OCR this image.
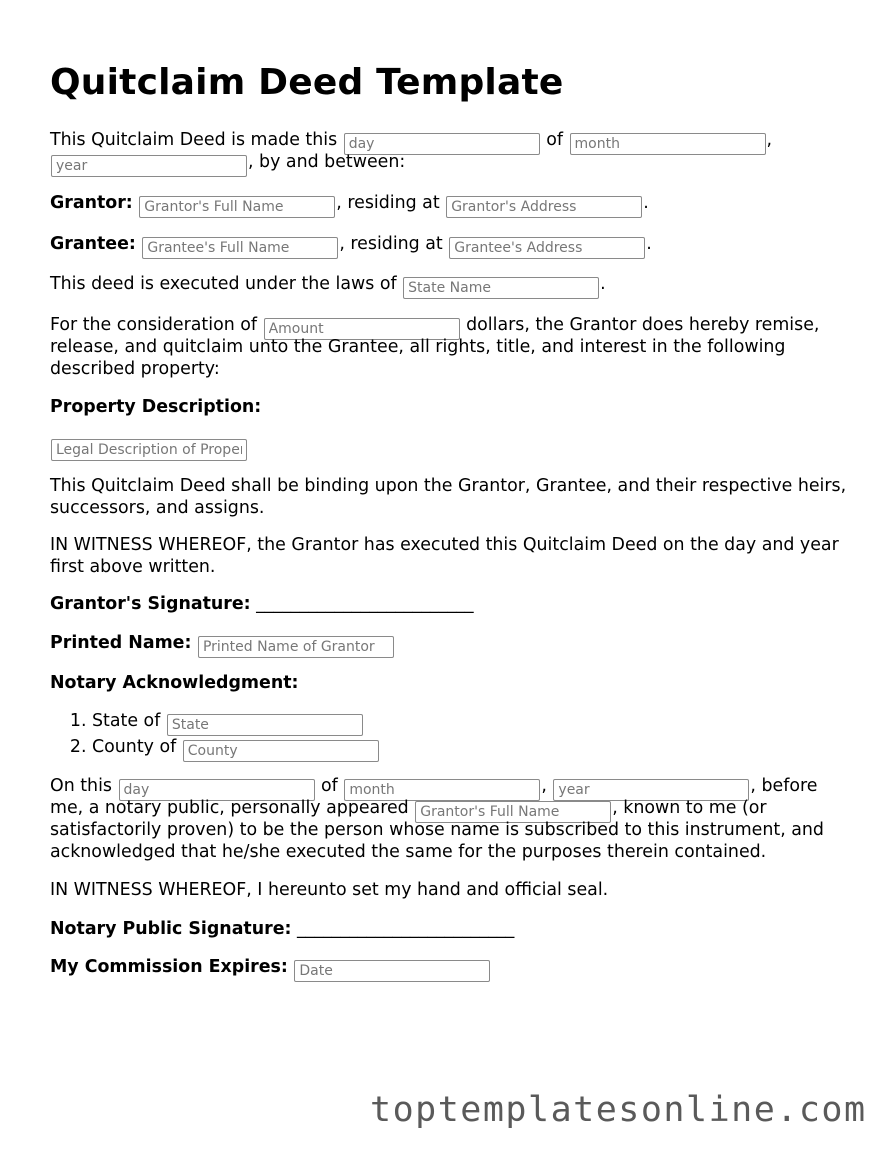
Quitclaim Deed Template
This Quitclaim Deed is made this day	of month	,
year, by and between:
Grantor: Grantor's Full Name	, residing at Grantor's Address	.
Grantee: Grantee's Full Name	, residing at Grantee's Address	.
This deed is executed under the laws of State Name	.
For the consideration of Amount	dollars, the Grantor does hereby remise,
release, and quitclaim unto the Grantee, all rights, title, and interest in the following
described property:
Property Description:
Legal Description of Property
This Quitclaim Deed shall be binding upon the Grantor, Grantee, and their respective heirs,
successors, and assigns.
IN WITNESS WHEREOF, the Grantor has executed this Quitclaim Deed on the day and year
first above written.
Grantor's Signature: _________________________
Printed Name: Printed Name of Grantor
Notary Acknowledgment:
1. State of State
2. County of County
On this day	of month	, year	, before
me, a notary public, personally appeared Grantor's Full Name	, known to me (or
satisfactorily proven) to be the person whose name is subscribed to this instrument, and
acknowledged that he/she executed the same for the purposes therein contained.
IN WITNESS WHEREOF, I hereunto set my hand and official seal.
Notary Public Signature: _________________________
My Commission Expires: Date
toptemplatesonline.com
